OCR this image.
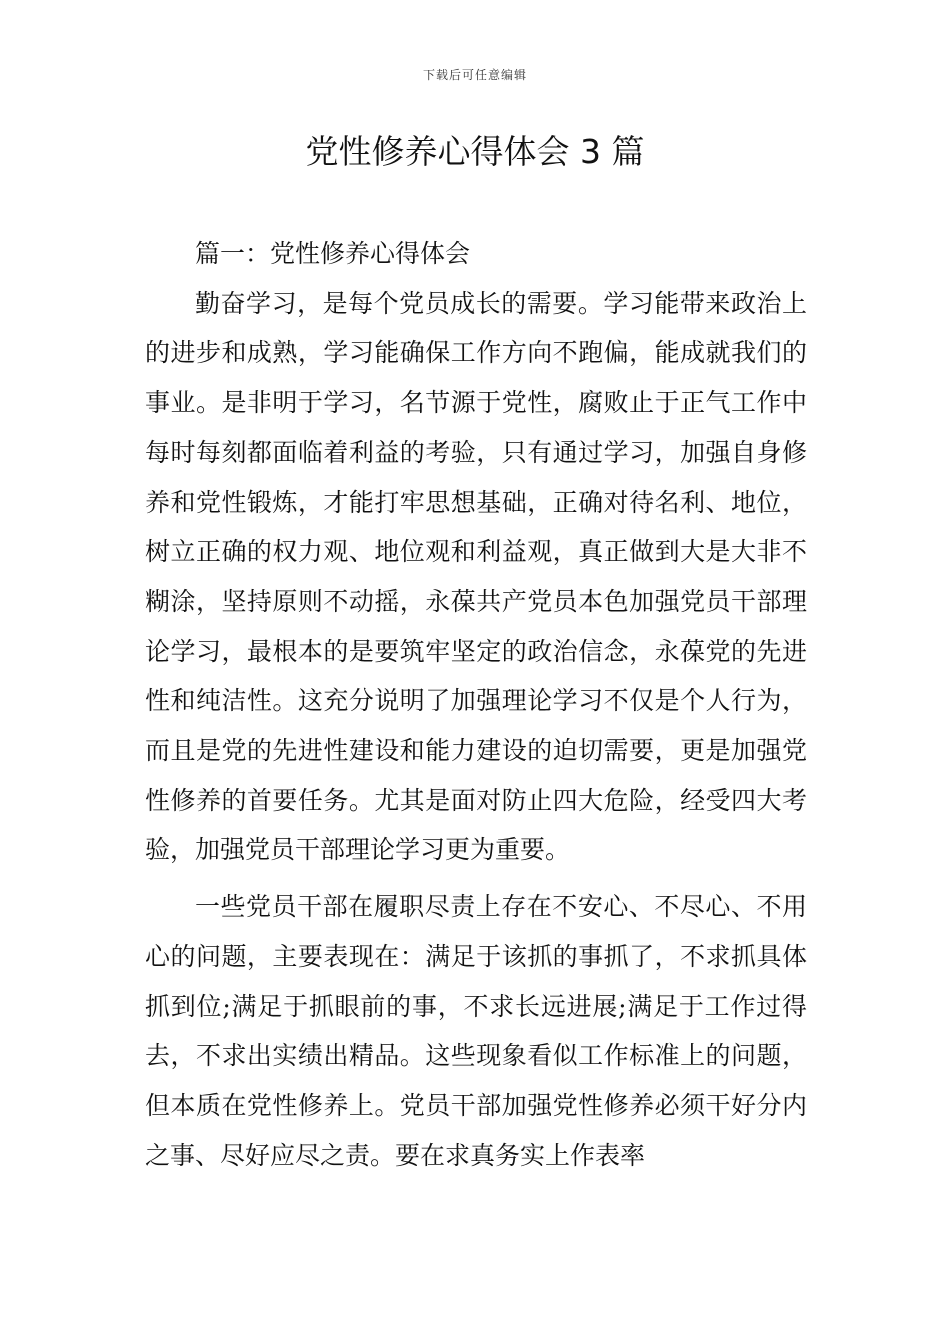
下载后可任意编辑
党性修养心得体会 3 篇

篇一：党性修养心得体会

勤奋学习，是每个党员成长的需要。学习能带来政治上的进步和成熟，学习能确保工作方向不跑偏，能成就我们的事业。是非明于学习，名节源于党性，腐败止于正气工作中每时每刻都面临着利益的考验，只有通过学习，加强自身修养和党性锻炼，才能打牢思想基础，正确对待名利、地位，树立正确的权力观、地位观和利益观，真正做到大是大非不糊涂，坚持原则不动摇，永葆共产党员本色加强党员干部理论学习，最根本的是要筑牢坚定的政治信念，永葆党的先进性和纯洁性。这充分说明了加强理论学习不仅是个人行为，而且是党的先进性建设和能力建设的迫切需要，更是加强党性修养的首要任务。尤其是面对防止四大危险，经受四大考验，加强党员干部理论学习更为重要。

一些党员干部在履职尽责上存在不安心、不尽心、不用心的问题，主要表现在：满足于该抓的事抓了，不求抓具体抓到位;满足于抓眼前的事，不求长远进展;满足于工作过得去，不求出实绩出精品。这些现象看似工作标准上的问题，但本质在党性修养上。党员干部加强党性修养必须干好分内之事、尽好应尽之责。要在求真务实上作表率
